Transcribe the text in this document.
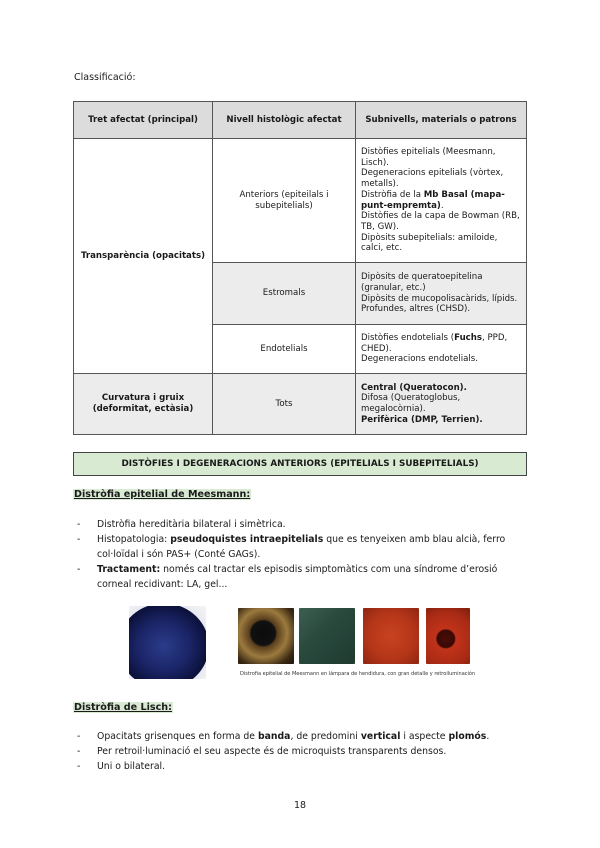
Classificació:
Tret afectat (principal)	Nivell histològic afectat	Subnivells, materials o patrons
Transparència (opacitats)	Anteriors (epiteilals i subepitelials)	Distòfies epitelials (Meesmann, Lisch).
Degeneracions epitelials (vòrtex, metalls).
Distròfia de la Mb Basal (mapa-punt-empremta).
Distòfies de la capa de Bowman (RB, TB, GW).
Dipòsits subepitelials: amiloide, calci, etc.

	Estromals	Dipòsits de queratoepitelina (granular, etc.)
Dipòsits de mucopolisacàrids, lípids.
Profundes, altres (CHSD).

	Endotelials	Distòfies endotelials (Fuchs, PPD, CHED).
Degeneracions endotelials.

Curvatura i gruix (deformitat, ectàsia)	Tots	Central (Queratocon).
Difosa (Queratoglobus, megalocòrnia).
Perifèrica (DMP, Terrien).
DISTÒFIES I DEGENERACIONS ANTERIORS (EPITELIALS I SUBEPITELIALS)
Distròfia epitelial de Meesmann:
- Distròfia hereditària bilateral i simètrica.
- Histopatologia: pseudoquistes intraepitelials que es tenyeixen amb blau alcià, ferro col·loïdal i són PAS+ (Conté GAGs).
- Tractament: només cal tractar els episodis simptomàtics com una síndrome d’erosió corneal recidivant: LA, gel...
Distrofia epitelial de Meesmann en lámpara de hendidura, con gran detalle y retroiluminación
Distròfia de Lisch:
- Opacitats grisenques en forma de banda, de predomini vertical i aspecte plomós.
- Per retroil·luminació el seu aspecte és de microquists transparents densos.
- Uni o bilateral.
18
